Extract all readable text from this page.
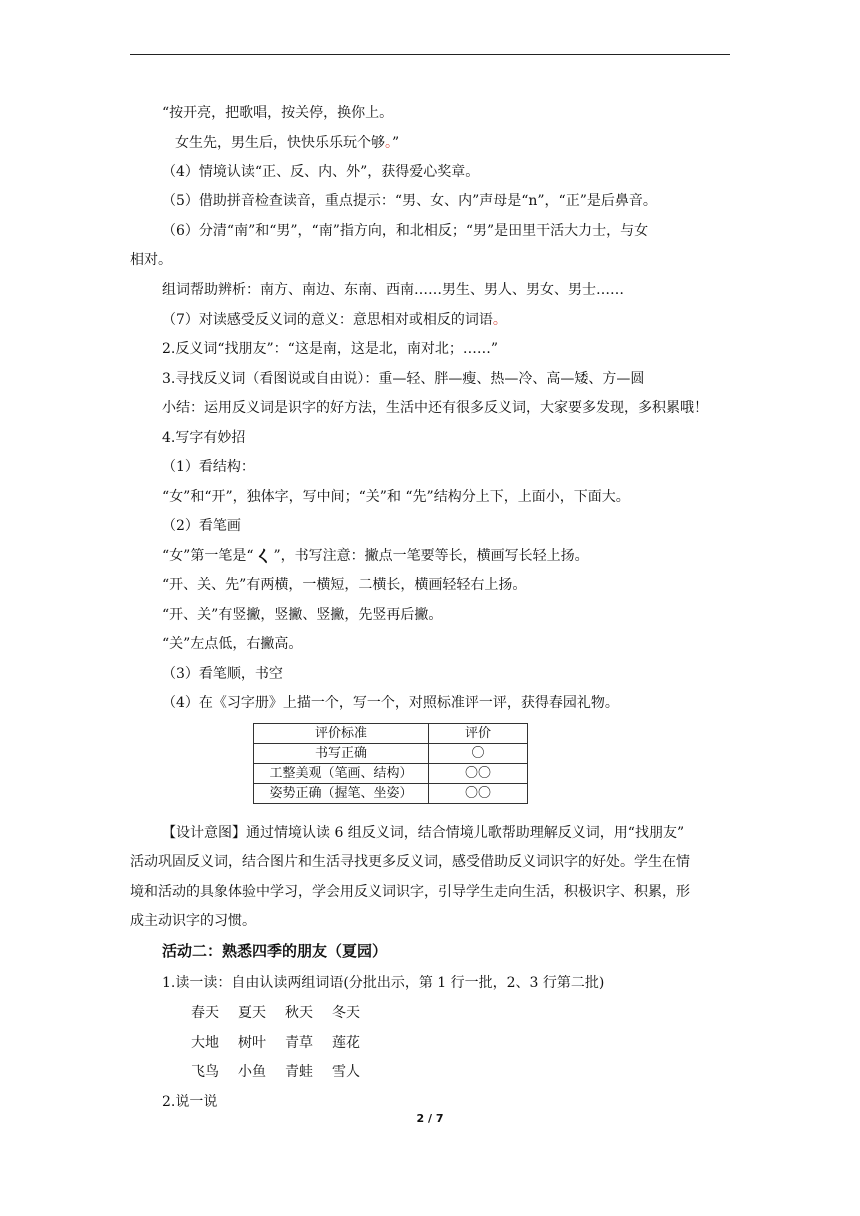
“按开亮，把歌唱，按关停，换你上。
女生先，男生后，快快乐乐玩个够。”
（4）情境认读“正、反、内、外”，获得爱心奖章。
（5）借助拼音检查读音，重点提示：“男、女、内”声母是“n”，“正”是后鼻音。
（6）分清“南”和“男”，“南”指方向，和北相反；“男”是田里干活大力士，与女
相对。
组词帮助辨析：南方、南边、东南、西南……男生、男人、男女、男士……
（7）对读感受反义词的意义：意思相对或相反的词语。
2.反义词“找朋友”：“这是南，这是北，南对北；……”
3.寻找反义词（看图说或自由说）：重—轻、胖—瘦、热—冷、高—矮、方—圆
小结：运用反义词是识字的好方法，生活中还有很多反义词，大家要多发现，多积累哦！
4.写字有妙招
（1）看结构：
“女”和“开”，独体字，写中间；“关”和 “先”结构分上下，上面小，下面大。
（2）看笔画
“女”第一笔是“ㄑ”，书写注意：撇点一笔要等长，横画写长轻上扬。
“开、关、先”有两横，一横短，二横长，横画轻轻右上扬。
“开、关”有竖撇，竖撇、竖撇，先竖再后撇。
“关”左点低，右撇高。
（3）看笔顺，书空
（4）在《习字册》上描一个，写一个，对照标准评一评，获得春园礼物。
评价标准	评价
书写正确	〇
工整美观（笔画、结构）	〇〇
姿势正确（握笔、坐姿）	〇〇
【设计意图】通过情境认读 6 组反义词，结合情境儿歌帮助理解反义词，用“找朋友”
活动巩固反义词，结合图片和生活寻找更多反义词，感受借助反义词识字的好处。学生在情
境和活动的具象体验中学习，学会用反义词识字，引导学生走向生活，积极识字、积累，形
成主动识字的习惯。
活动二：熟悉四季的朋友（夏园）
1.读一读：自由认读两组词语(分批出示，第 1 行一批，2、3 行第二批)
春天 夏天 秋天 冬天
大地 树叶 青草 莲花
飞鸟 小鱼 青蛙 雪人
2.说一说
2 / 7
